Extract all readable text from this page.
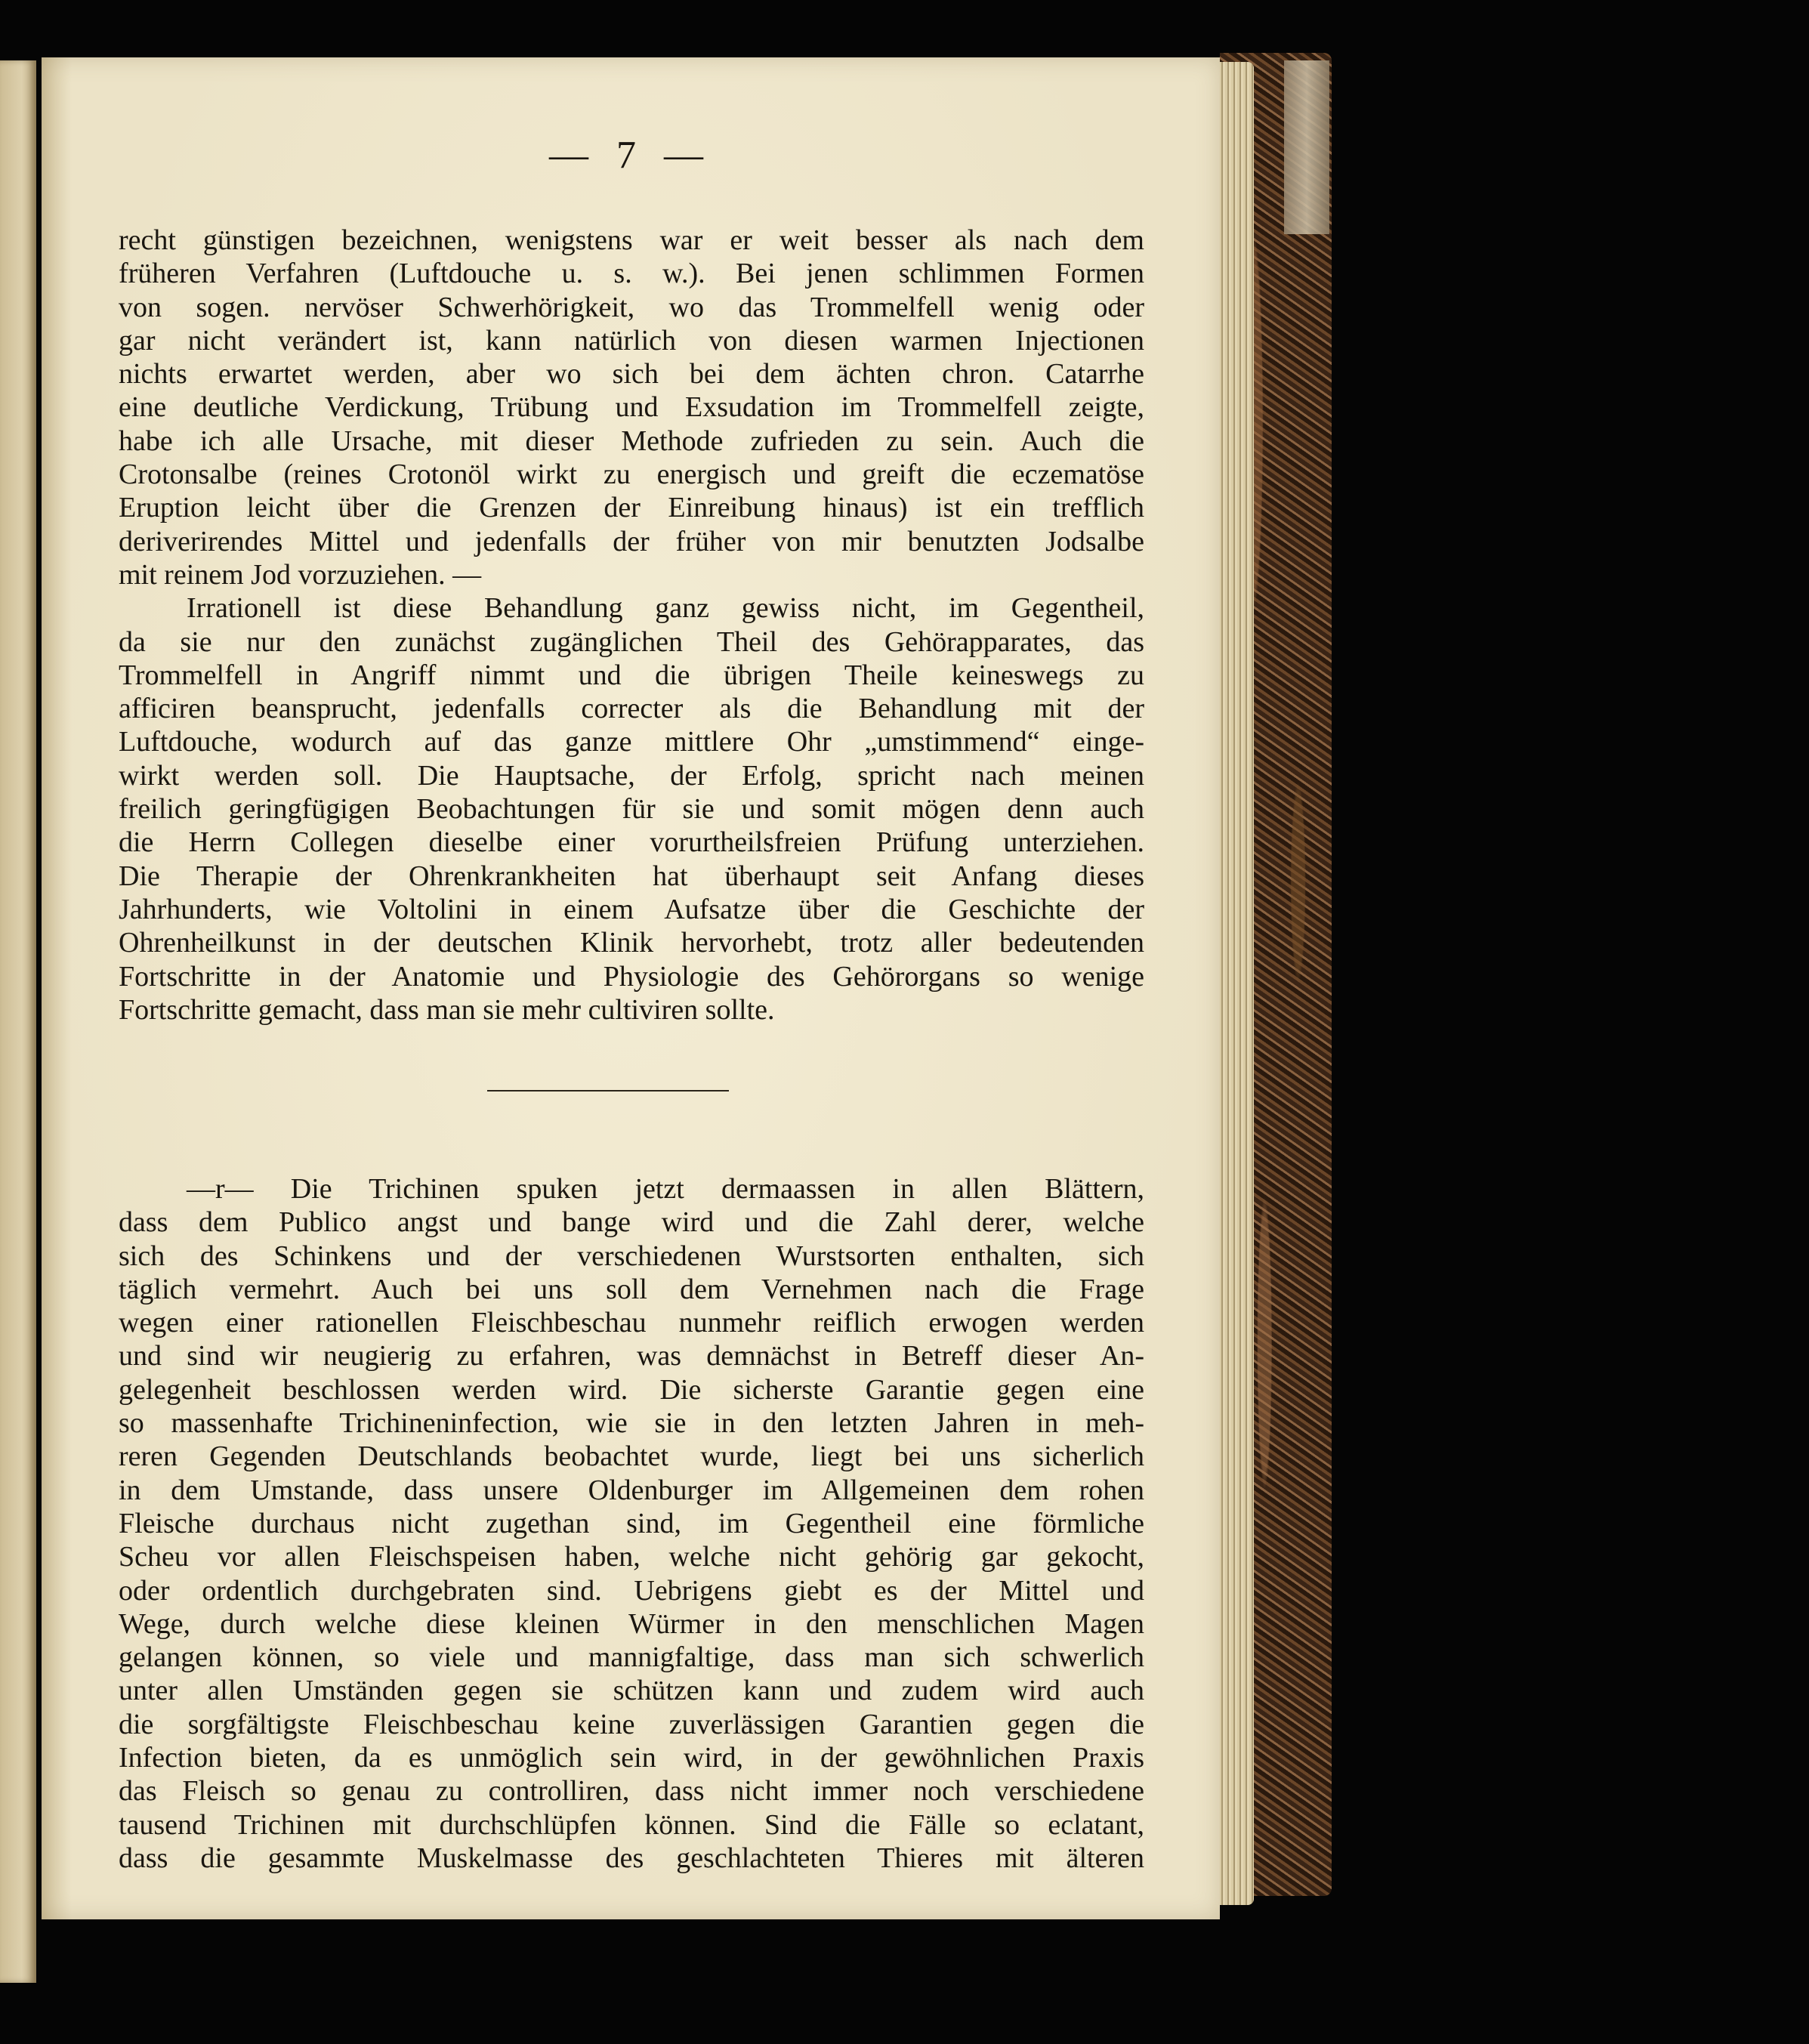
— 7 —
recht günstigen bezeichnen, wenigstens war er weit besser als nach dem
früheren Verfahren (Luftdouche u. s. w.). Bei jenen schlimmen Formen
von sogen. nervöser Schwerhörigkeit, wo das Trommelfell wenig oder
gar nicht verändert ist, kann natürlich von diesen warmen Injectionen
nichts erwartet werden, aber wo sich bei dem ächten chron. Catarrhe
eine deutliche Verdickung, Trübung und Exsudation im Trommelfell zeigte,
habe ich alle Ursache, mit dieser Methode zufrieden zu sein. Auch die
Crotonsalbe (reines Crotonöl wirkt zu energisch und greift die eczematöse
Eruption leicht über die Grenzen der Einreibung hinaus) ist ein trefflich
deriverirendes Mittel und jedenfalls der früher von mir benutzten Jodsalbe
mit reinem Jod vorzuziehen. —
Irrationell ist diese Behandlung ganz gewiss nicht, im Gegentheil,
da sie nur den zunächst zugänglichen Theil des Gehörapparates, das
Trommelfell in Angriff nimmt und die übrigen Theile keineswegs zu
afficiren beansprucht, jedenfalls correcter als die Behandlung mit der
Luftdouche, wodurch auf das ganze mittlere Ohr „umstimmend“ einge-
wirkt werden soll. Die Hauptsache, der Erfolg, spricht nach meinen
freilich geringfügigen Beobachtungen für sie und somit mögen denn auch
die Herrn Collegen dieselbe einer vorurtheilsfreien Prüfung unterziehen.
Die Therapie der Ohrenkrankheiten hat überhaupt seit Anfang dieses
Jahrhunderts, wie Voltolini in einem Aufsatze über die Geschichte der
Ohrenheilkunst in der deutschen Klinik hervorhebt, trotz aller bedeutenden
Fortschritte in der Anatomie und Physiologie des Gehörorgans so wenige
Fortschritte gemacht, dass man sie mehr cultiviren sollte.
—r— Die Trichinen spuken jetzt dermaassen in allen Blättern,
dass dem Publico angst und bange wird und die Zahl derer, welche
sich des Schinkens und der verschiedenen Wurstsorten enthalten, sich
täglich vermehrt. Auch bei uns soll dem Vernehmen nach die Frage
wegen einer rationellen Fleischbeschau nunmehr reiflich erwogen werden
und sind wir neugierig zu erfahren, was demnächst in Betreff dieser An-
gelegenheit beschlossen werden wird. Die sicherste Garantie gegen eine
so massenhafte Trichineninfection, wie sie in den letzten Jahren in meh-
reren Gegenden Deutschlands beobachtet wurde, liegt bei uns sicherlich
in dem Umstande, dass unsere Oldenburger im Allgemeinen dem rohen
Fleische durchaus nicht zugethan sind, im Gegentheil eine förmliche
Scheu vor allen Fleischspeisen haben, welche nicht gehörig gar gekocht,
oder ordentlich durchgebraten sind. Uebrigens giebt es der Mittel und
Wege, durch welche diese kleinen Würmer in den menschlichen Magen
gelangen können, so viele und mannigfaltige, dass man sich schwerlich
unter allen Umständen gegen sie schützen kann und zudem wird auch
die sorgfältigste Fleischbeschau keine zuverlässigen Garantien gegen die
Infection bieten, da es unmöglich sein wird, in der gewöhnlichen Praxis
das Fleisch so genau zu controlliren, dass nicht immer noch verschiedene
tausend Trichinen mit durchschlüpfen können. Sind die Fälle so eclatant,
dass die gesammte Muskelmasse des geschlachteten Thieres mit älteren
